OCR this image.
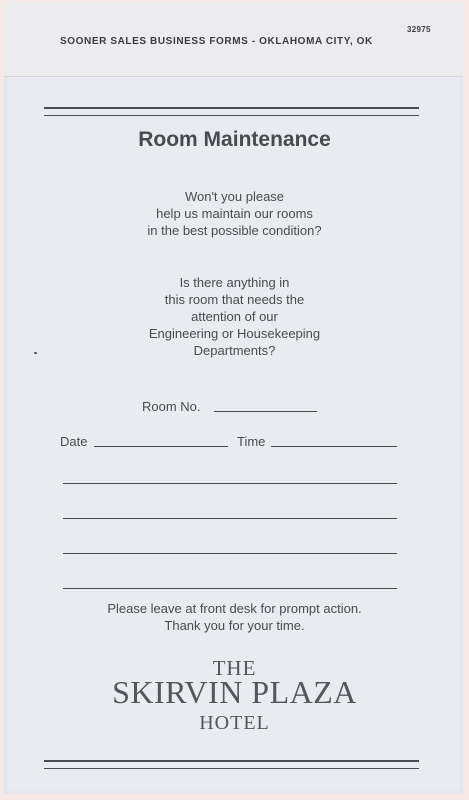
32975
SOONER SALES BUSINESS FORMS - OKLAHOMA CITY, OK
Room Maintenance
Won't you please
help us maintain our rooms
in the best possible condition?
Is there anything in
this room that needs the
attention of our
Engineering or Housekeeping
Departments?
Room No.
Date	Time
Please leave at front desk for prompt action.
Thank you for your time.
THE
SKIRVIN PLAZA
HOTEL
